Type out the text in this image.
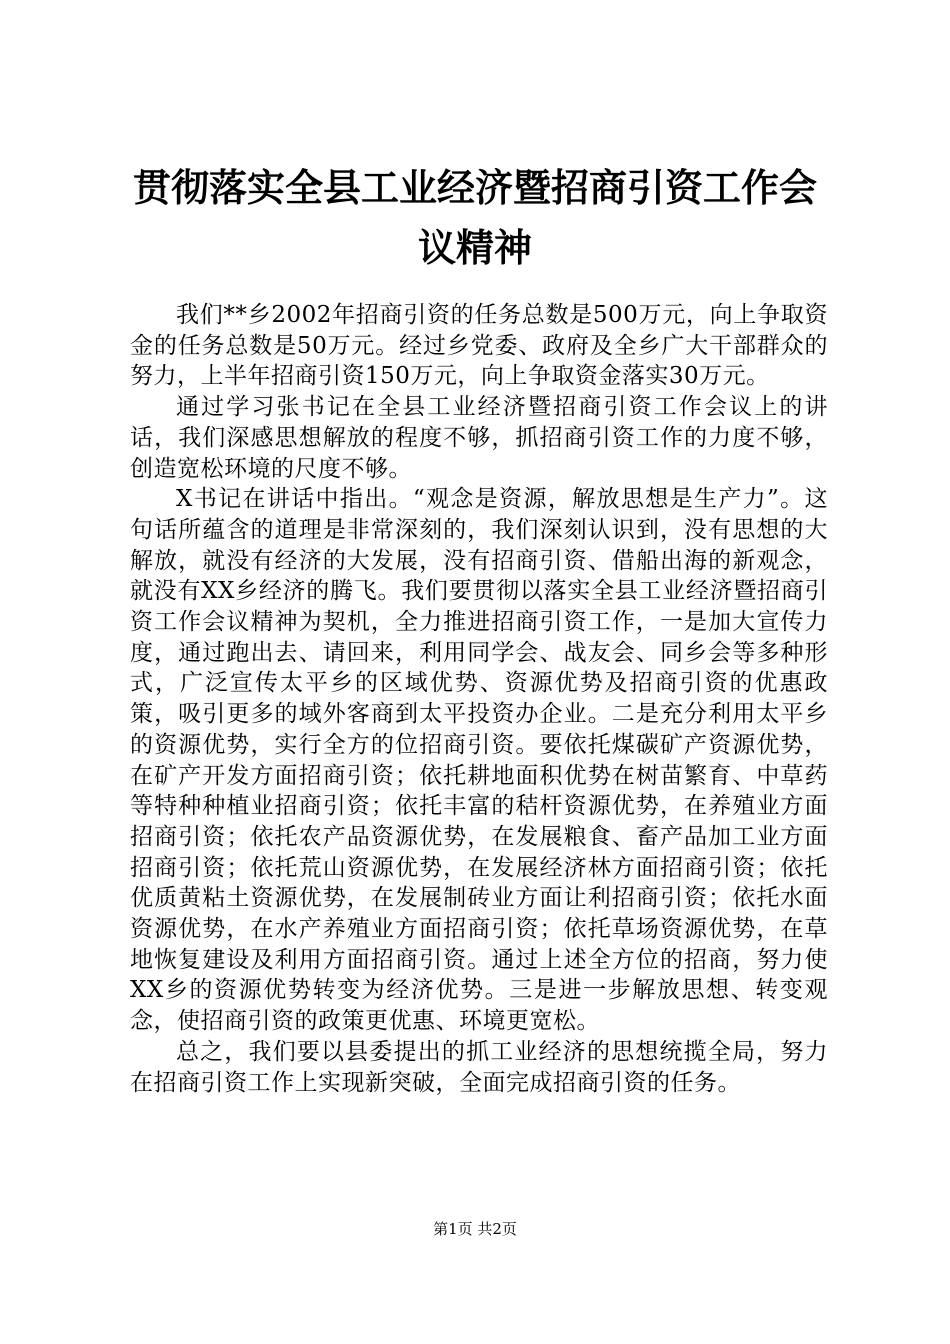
贯彻落实全县工业经济暨招商引资工作会议精神

我们**乡2002年招商引资的任务总数是500万元，向上争取资金的任务总数是50万元。经过乡党委、政府及全乡广大干部群众的努力，上半年招商引资150万元，向上争取资金落实30万元。

通过学习张书记在全县工业经济暨招商引资工作会议上的讲话，我们深感思想解放的程度不够，抓招商引资工作的力度不够，创造宽松环境的尺度不够。

X书记在讲话中指出。“观念是资源，解放思想是生产力”。这句话所蕴含的道理是非常深刻的，我们深刻认识到，没有思想的大解放，就没有经济的大发展，没有招商引资、借船出海的新观念，就没有XX乡经济的腾飞。我们要贯彻以落实全县工业经济暨招商引资工作会议精神为契机，全力推进招商引资工作，一是加大宣传力度，通过跑出去、请回来，利用同学会、战友会、同乡会等多种形式，广泛宣传太平乡的区域优势、资源优势及招商引资的优惠政策，吸引更多的域外客商到太平投资办企业。二是充分利用太平乡的资源优势，实行全方的位招商引资。要依托煤碳矿产资源优势，在矿产开发方面招商引资；依托耕地面积优势在树苗繁育、中草药等特种种植业招商引资；依托丰富的秸杆资源优势，在养殖业方面招商引资；依托农产品资源优势，在发展粮食、畜产品加工业方面招商引资；依托荒山资源优势，在发展经济林方面招商引资；依托优质黄粘土资源优势，在发展制砖业方面让利招商引资；依托水面资源优势，在水产养殖业方面招商引资；依托草场资源优势，在草地恢复建设及利用方面招商引资。通过上述全方位的招商，努力使XX乡的资源优势转变为经济优势。三是进一步解放思想、转变观念，使招商引资的政策更优惠、环境更宽松。

总之，我们要以县委提出的抓工业经济的思想统揽全局，努力在招商引资工作上实现新突破，全面完成招商引资的任务。

第1页 共2页
